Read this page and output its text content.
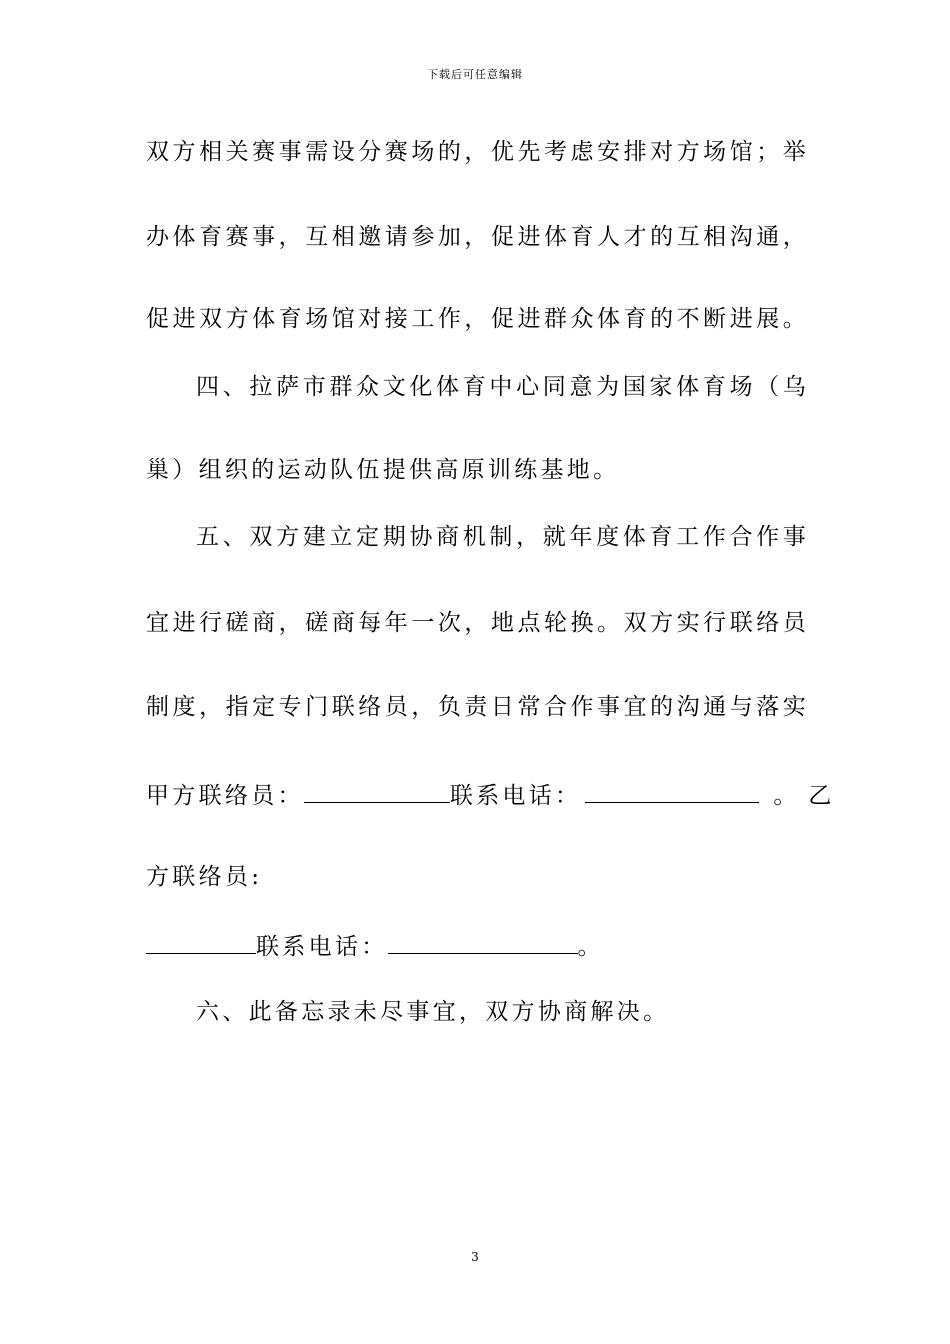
下载后可任意编辑
双 方 相 关 赛 事 需 设 分 赛 场 的 ， 优 先 考 虑 安 排 对 方 场 馆 ； 举
办 体 育 赛 事 ， 互 相 邀 请 参 加 ， 促 进 体 育 人 才 的 互 相 沟 通 ，
促 进 双 方 体 育 场 馆 对 接 工 作 ， 促 进 群 众 体 育 的 不 断 进 展 。
四 、 拉 萨 市 群 众 文 化 体 育 中 心 同 意 为 国 家 体 育 场 （ 乌
巢）组织的运动队伍提供高原训练基地。
五 、 双 方 建 立 定 期 协 商 机 制 ， 就 年 度 体 育 工 作 合 作 事
宜 进 行 磋 商 ， 磋 商 每 年 一 次 ， 地 点 轮 换 。 双 方 实 行 联 络 员
制 度 ， 指 定 专 门 联 络 员 ， 负 责 日 常 合 作 事 宜 的 沟 通 与 落 实
甲方联络员：	联系电话：	。乙
方联络员:
联系电话：	。
六、此备忘录未尽事宜，双方协商解决。
3
